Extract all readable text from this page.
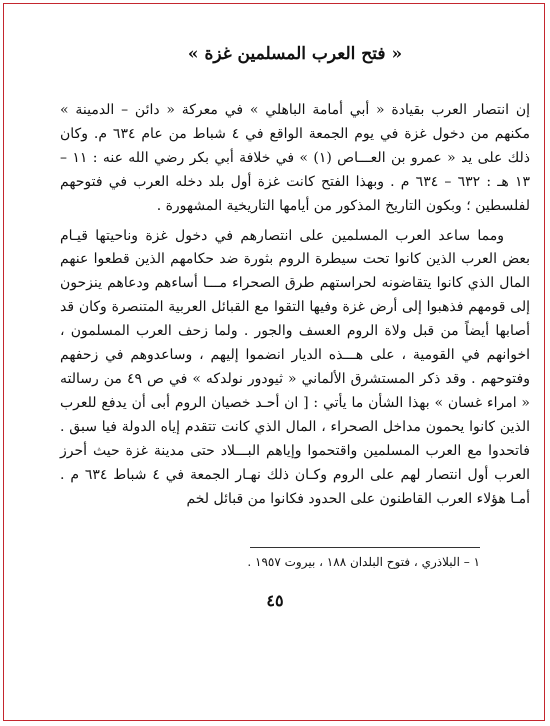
« فتح العرب المسلمين غزة »

إن انتصار العرب بقيادة « أبي أمامة الباهلي » في معركة « دائن – الدمينة » مكنهم من دخول غزة في يوم الجمعة الواقع في ٤ شباط من عام ٦٣٤ م. وكان ذلك على يد « عمرو بن العـــاص (١) » في خلافة أبي بكر رضي الله عنه : ١١ – ١٣ هـ : ٦٣٢ – ٦٣٤ م . وبهذا الفتح كانت غزة أول بلد دخله العرب في فتوحهم لفلسطين ؛ وبكون التاريخ المذكور من أيامها التاريخية المشهورة .

ومما ساعد العرب المسلمين على انتصارهم في دخول غزة وناحيتها قيـام بعض العرب الذين كانوا تحت سيطرة الروم بثورة ضد حكامهم الذين قطعوا عنهم المال الذي كانوا يتقاضونه لحراستهم طرق الصحراء مـــا أساءهم ودعاهم ينزحون إلى قومهم فذهبوا إلى أرض غزة وفيها التقوا مع القبائل العربية المتنصرة وكان قد أصابها أيضاً من قبل ولاة الروم العسف والجور . ولما زحف العرب المسلمون ، اخوانهم في القومية ، على هـــذه الديار انضموا إليهم ، وساعدوهم في زحفهم وفتوحهم . وقد ذكر المستشرق الألماني « ثيودور نولدكه » في ص ٤٩ من رسالته « امراء غسان » بهذا الشأن ما يأتي : [ ان أحـد خصيان الروم أبى أن يدفع للعرب الذين كانوا يحمون مداخل الصحراء ، المال الذي كانت تتقدم إياه الدولة فيا سبق . فاتحدوا مع العرب المسلمين واقتحموا وإياهم البـــلاد حتى مدينة غزة حيث أحرز العرب أول انتصار لهم على الروم وكـان ذلك نهـار الجمعة في ٤ شباط ٦٣٤ م . أمـا هؤلاء العرب القاطنون على الحدود فكانوا من قبائل لخم

١ – البلاذري ، فتوح البلدان ١٨٨ ، بيروت ١٩٥٧ .
٤٥
